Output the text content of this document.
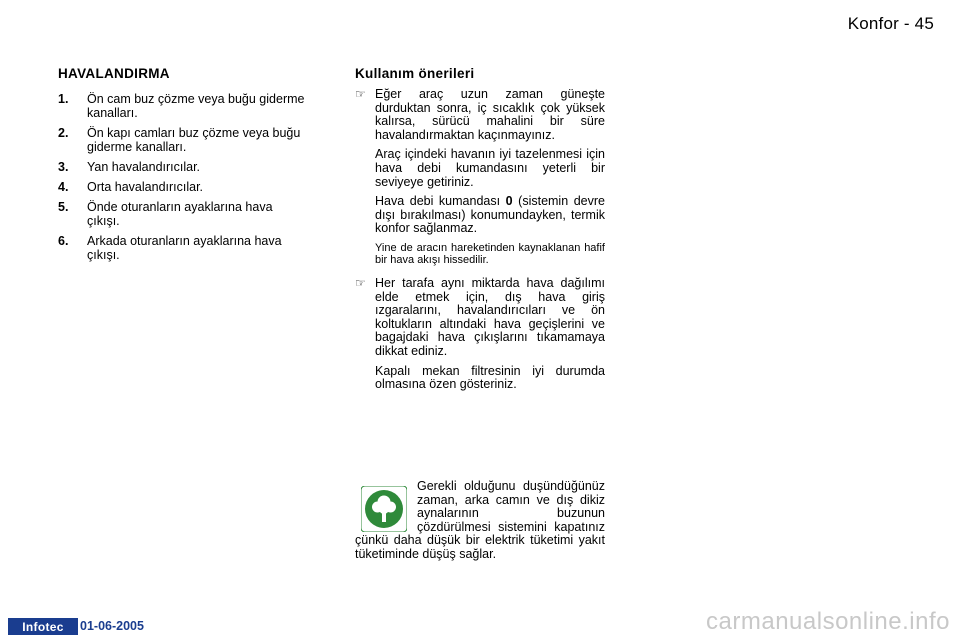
Konfor - 45
HAVALANDIRMA
1.	Ön cam buz çözme veya buğu giderme kanalları.
2.	Ön kapı camları buz çözme veya buğu giderme kanalları.
3.	Yan havalandırıcılar.
4.	Orta havalandırıcılar.
5.	Önde oturanların ayaklarına hava çıkışı.
6.	Arkada oturanların ayaklarına hava çıkışı.
Kullanım önerileri
☞ Eğer araç uzun zaman güneşte durduktan sonra, iç sıcaklık çok yüksek kalırsa, sürücü mahalini bir süre havalandırmaktan kaçınmayınız.

Araç içindeki havanın iyi tazelenmesi için hava debi kumandasını yeterli bir seviyeye getiriniz.

Hava debi kumandası 0 (sistemin devre dışı bırakılması) konumundayken, termik konfor sağlanmaz.

Yine de aracın hareketinden kaynaklanan hafif bir hava akışı hissedilir.

☞ Her tarafa aynı miktarda hava dağılımı elde etmek için, dış hava giriş ızgaralarını, havalandırıcıları ve ön koltukların altındaki hava geçişlerini ve bagajdaki hava çıkışlarını tıkamamaya dikkat ediniz.

Kapalı mekan filtresinin iyi durumda olmasına özen gösteriniz.

Gerekli olduğunu duşündüğünüz zaman, arka camın ve dış dikiz aynalarının buzunun çözdürülmesi sistemini kapatınız çünkü daha düşük bir elektrik tüketimi yakıt tüketiminde düşüş sağlar.
Infotec	01-06-2005	carmanualsonline.info
